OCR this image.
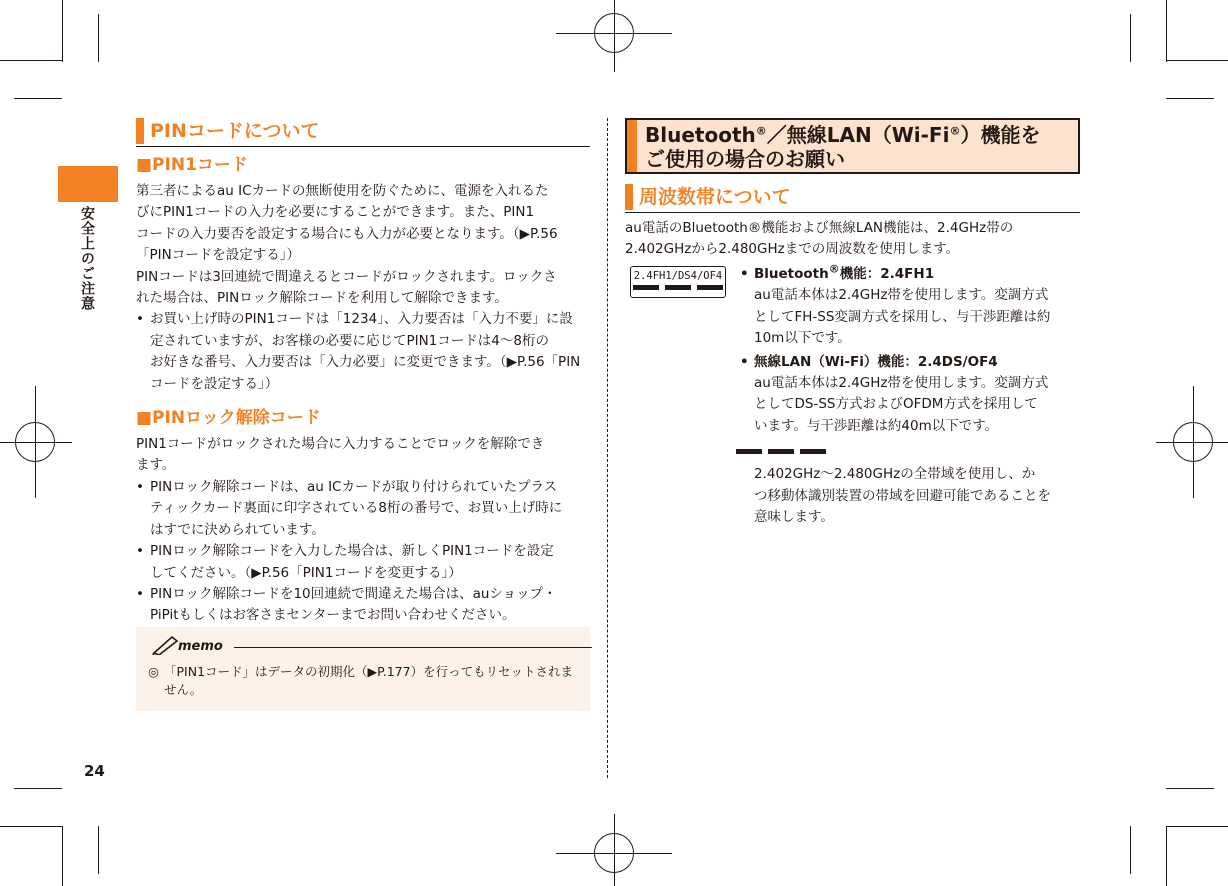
安全上のご注意
24
PINコードについて
■PIN1コード

第三者によるau ICカードの無断使用を防ぐために、電源を入れるた

びにPIN1コードの入力を必要にすることができます。また、PIN1

コードの入力要否を設定する場合にも入力が必要となります。（▶P.56

「PINコードを設定する」）

PINコードは3回連続で間違えるとコードがロックされます。ロックさ

れた場合は、PINロック解除コードを利用して解除できます。

• お買い上げ時のPIN1コードは「1234」、入力要否は「入力不要」に設

定されていますが、お客様の必要に応じてPIN1コードは4～8桁の

お好きな番号、入力要否は「入力必要」に変更できます。（▶P.56「PIN

コードを設定する」）

■PINロック解除コード

PIN1コードがロックされた場合に入力することでロックを解除でき

ます。

• PINロック解除コードは、au ICカードが取り付けられていたプラス

ティックカード裏面に印字されている8桁の番号で、お買い上げ時に

はすでに決められています。

• PINロック解除コードを入力した場合は、新しくPIN1コードを設定

してください。（▶P.56「PIN1コードを変更する」）

• PINロック解除コードを10回連続で間違えた場合は、auショップ・

PiPitもしくはお客さまセンターまでお問い合わせください。

memo
◎ 「PIN1コード」はデータの初期化（▶P.177）を行ってもリセットされま
せん。
Bluetooth®／無線LAN（Wi-Fi®）機能を
ご使用の場合のお願い
周波数帯について

au電話のBluetooth®機能および無線LAN機能は、2.4GHz帯の

2.402GHzから2.480GHzまでの周波数を使用します。

2.4FH1/DS4/OF4 • Bluetooth®機能：2.4FH1
au電話本体は2.4GHz帯を使用します。変調方式
としてFH-SS変調方式を採用し、与干渉距離は約
10m以下です。
• 無線LAN（Wi-Fi）機能：2.4DS/OF4
au電話本体は2.4GHz帯を使用します。変調方式
としてDS-SS方式およびOFDM方式を採用して
います。与干渉距離は約40m以下です。
2.402GHz～2.480GHzの全帯域を使用し、か
つ移動体識別装置の帯域を回避可能であることを
意味します。
